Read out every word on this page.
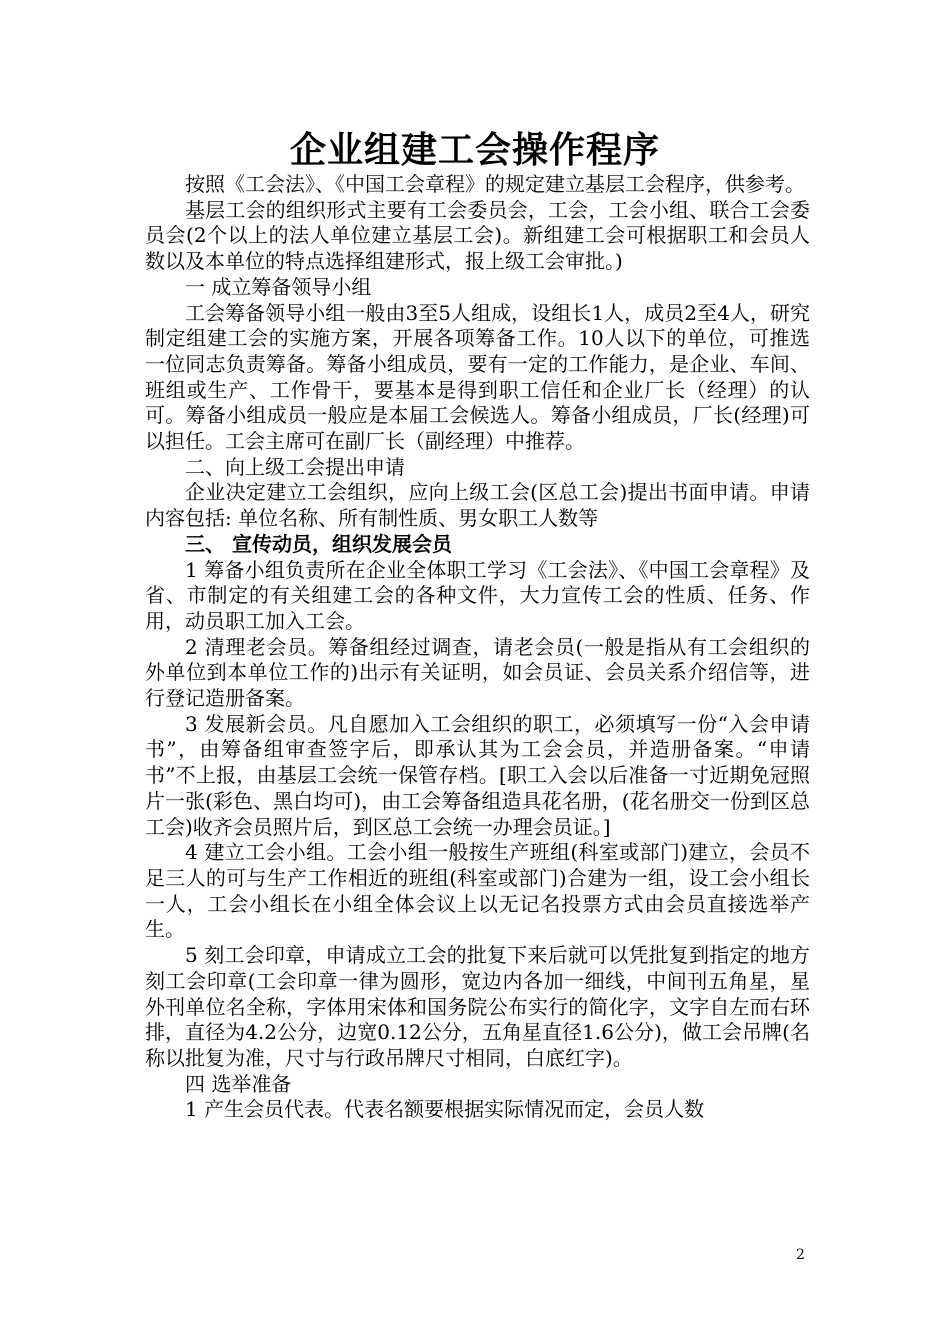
企业组建工会操作程序

按照《工会法》、《中国工会章程》的规定建立基层工会程序，供参考。

基层工会的组织形式主要有工会委员会，工会，工会小组、联合工会委员会(2个以上的法人单位建立基层工会)。新组建工会可根据职工和会员人数以及本单位的特点选择组建形式，报上级工会审批。)

一 成立筹备领导小组

工会筹备领导小组一般由3至5人组成，设组长1人，成员2至4人，研究制定组建工会的实施方案，开展各项筹备工作。10人以下的单位，可推选一位同志负责筹备。筹备小组成员，要有一定的工作能力，是企业、车间、班组或生产、工作骨干，要基本是得到职工信任和企业厂长（经理）的认可。筹备小组成员一般应是本届工会候选人。筹备小组成员，厂长(经理)可以担任。工会主席可在副厂长（副经理）中推荐。

二、向上级工会提出申请

企业决定建立工会组织，应向上级工会(区总工会)提出书面申请。申请内容包括: 单位名称、所有制性质、男女职工人数等

三、 宣传动员，组织发展会员

1 筹备小组负责所在企业全体职工学习《工会法》、《中国工会章程》及省、市制定的有关组建工会的各种文件，大力宣传工会的性质、任务、作用，动员职工加入工会。

2 清理老会员。筹备组经过调查，请老会员(一般是指从有工会组织的外单位到本单位工作的)出示有关证明，如会员证、会员关系介绍信等，进行登记造册备案。

3 发展新会员。凡自愿加入工会组织的职工，必须填写一份“入会申请书”，由筹备组审查签字后，即承认其为工会会员，并造册备案。“申请书”不上报，由基层工会统一保管存档。[职工入会以后准备一寸近期免冠照片一张(彩色、黑白均可)，由工会筹备组造具花名册，(花名册交一份到区总工会)收齐会员照片后，到区总工会统一办理会员证。]

4 建立工会小组。工会小组一般按生产班组(科室或部门)建立，会员不足三人的可与生产工作相近的班组(科室或部门)合建为一组，设工会小组长一人，工会小组长在小组全体会议上以无记名投票方式由会员直接选举产生。

5 刻工会印章，申请成立工会的批复下来后就可以凭批复到指定的地方刻工会印章(工会印章一律为圆形，宽边内各加一细线，中间刊五角星，星外刊单位名全称，字体用宋体和国务院公布实行的简化字，文字自左而右环排，直径为4.2公分，边宽0.12公分，五角星直径1.6公分)，做工会吊牌(名称以批复为准，尺寸与行政吊牌尺寸相同，白底红字)。

四 选举准备

1 产生会员代表。代表名额要根据实际情况而定，会员人数

2
